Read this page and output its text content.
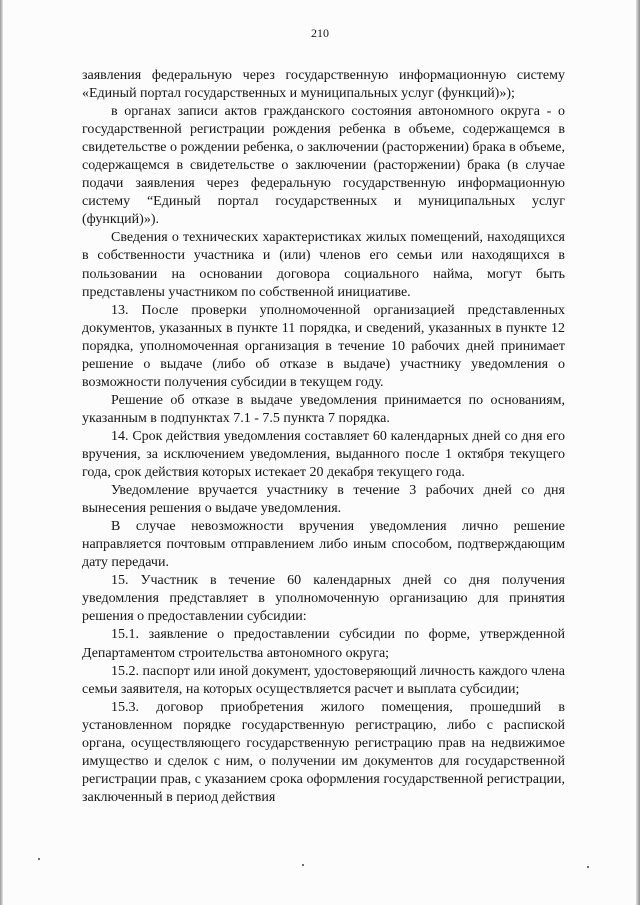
210

заявления федеральную через государственную информационную систему «Единый портал государственных и муниципальных услуг (функций)»);

в органах записи актов гражданского состояния автономного округа - о государственной регистрации рождения ребенка в объеме, содержащемся в свидетельстве о рождении ребенка, о заключении (расторжении) брака в объеме, содержащемся в свидетельстве о заключении (расторжении) брака (в случае подачи заявления через федеральную государственную информационную систему “Единый портал государственных и муниципальных услуг (функций)»).

Сведения о технических характеристиках жилых помещений, находящихся в собственности участника и (или) членов его семьи или находящихся в пользовании на основании договора социального найма, могут быть представлены участником по собственной инициативе.

13. После проверки уполномоченной организацией представленных документов, указанных в пункте 11 порядка, и сведений, указанных в пункте 12 порядка, уполномоченная организация в течение 10 рабочих дней принимает решение о выдаче (либо об отказе в выдаче) участнику уведомления о возможности получения субсидии в текущем году.

Решение об отказе в выдаче уведомления принимается по основаниям, указанным в подпунктах 7.1 - 7.5 пункта 7 порядка.

14. Срок действия уведомления составляет 60 календарных дней со дня его вручения, за исключением уведомления, выданного после 1 октября текущего года, срок действия которых истекает 20 декабря текущего года.

Уведомление вручается участнику в течение 3 рабочих дней со дня вынесения решения о выдаче уведомления.

В случае невозможности вручения уведомления лично решение направляется почтовым отправлением либо иным способом, подтверждающим дату передачи.

15. Участник в течение 60 календарных дней со дня получения уведомления представляет в уполномоченную организацию для принятия решения о предоставлении субсидии:

15.1. заявление о предоставлении субсидии по форме, утвержденной Департаментом строительства автономного округа;

15.2. паспорт или иной документ, удостоверяющий личность каждого члена семьи заявителя, на которых осуществляется расчет и выплата субсидии;

15.3. договор приобретения жилого помещения, прошедший в установленном порядке государственную регистрацию, либо с распиской органа, осуществляющего государственную регистрацию прав на недвижимое имущество и сделок с ним, о получении им документов для государственной регистрации прав, с указанием срока оформления государственной регистрации, заключенный в период действия
